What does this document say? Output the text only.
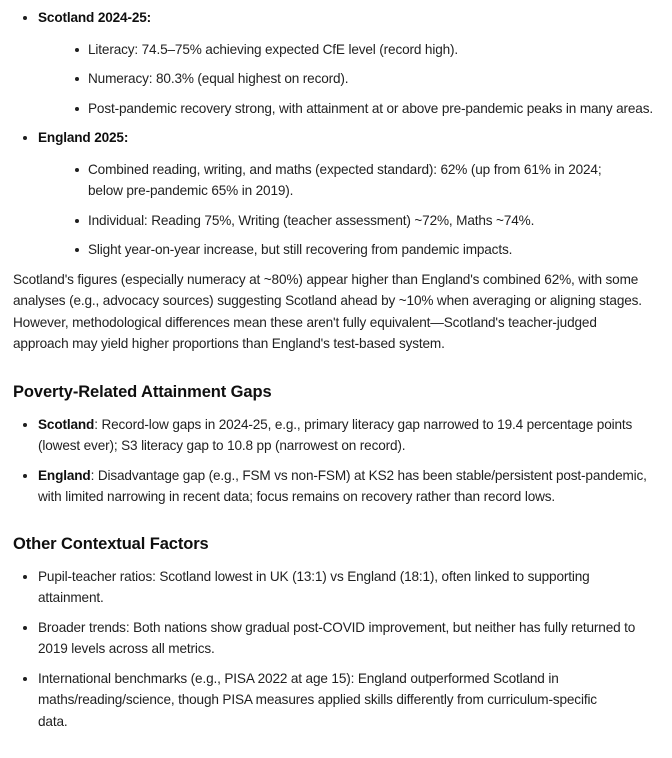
Scotland 2024-25:
Literacy: 74.5–75% achieving expected CfE level (record high).
Numeracy: 80.3% (equal highest on record).
Post-pandemic recovery strong, with attainment at or above pre-pandemic peaks in many areas.
England 2025:
Combined reading, writing, and maths (expected standard): 62% (up from 61% in 2024; below pre-pandemic 65% in 2019).
Individual: Reading 75%, Writing (teacher assessment) ~72%, Maths ~74%.
Slight year-on-year increase, but still recovering from pandemic impacts.

Scotland's figures (especially numeracy at ~80%) appear higher than England's combined 62%, with some analyses (e.g., advocacy sources) suggesting Scotland ahead by ~10% when averaging or aligning stages. However, methodological differences mean these aren't fully equivalent—Scotland's teacher-judged approach may yield higher proportions than England's test-based system.

Poverty-Related Attainment Gaps
Scotland: Record-low gaps in 2024-25, e.g., primary literacy gap narrowed to 19.4 percentage points (lowest ever); S3 literacy gap to 10.8 pp (narrowest on record).
England: Disadvantage gap (e.g., FSM vs non-FSM) at KS2 has been stable/persistent post-pandemic, with limited narrowing in recent data; focus remains on recovery rather than record lows.
Other Contextual Factors
Pupil-teacher ratios: Scotland lowest in UK (13:1) vs England (18:1), often linked to supporting attainment.
Broader trends: Both nations show gradual post-COVID improvement, but neither has fully returned to 2019 levels across all metrics.
International benchmarks (e.g., PISA 2022 at age 15): England outperformed Scotland in maths/reading/science, though PISA measures applied skills differently from curriculum-specific data.
